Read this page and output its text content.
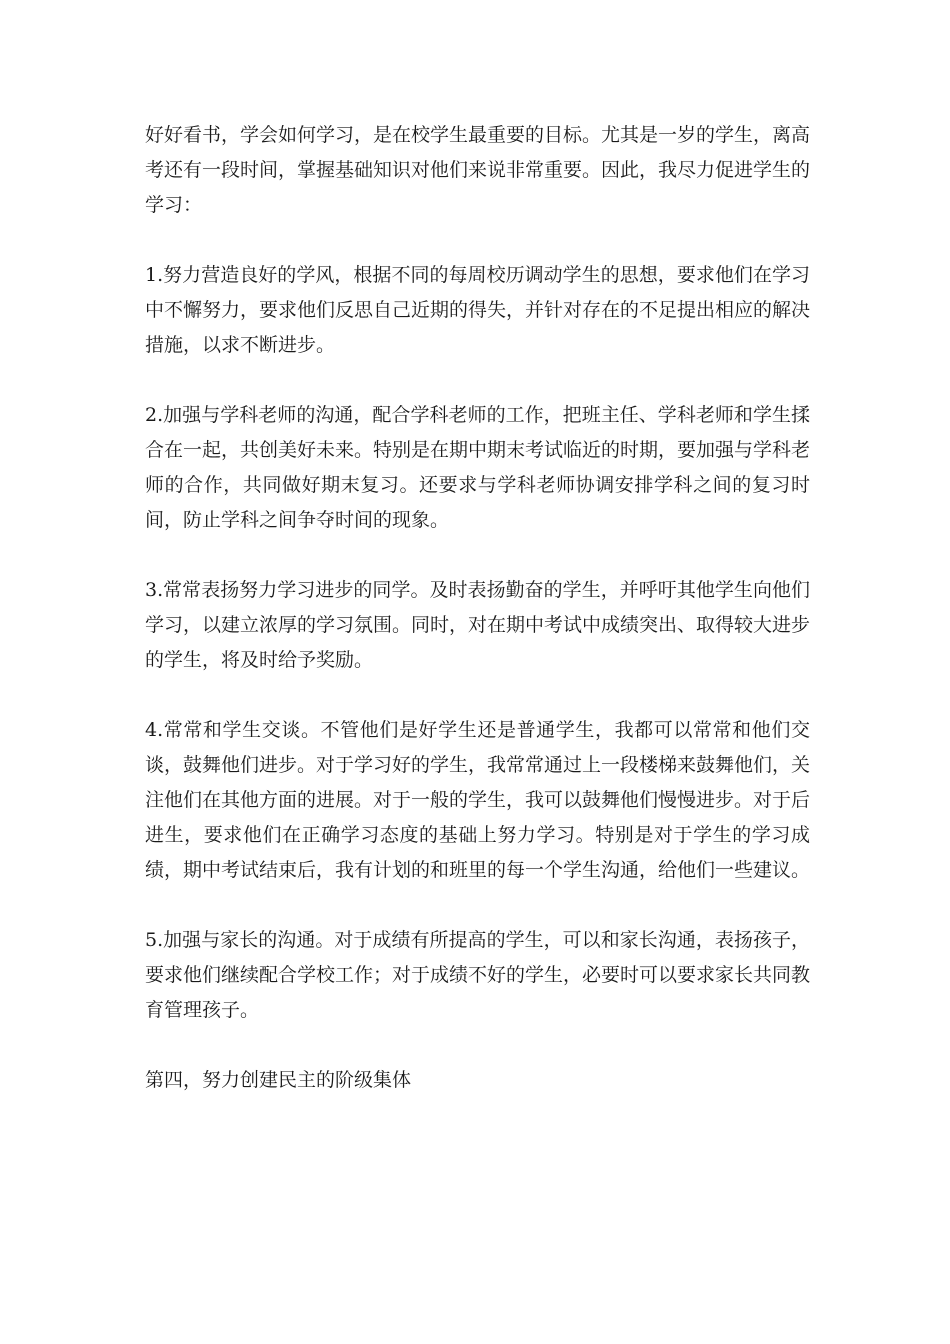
好好看书，学会如何学习，是在校学生最重要的目标。尤其是一岁的学生，离高考还有一段时间，掌握基础知识对他们来说非常重要。因此，我尽力促进学生的学习：

1.努力营造良好的学风，根据不同的每周校历调动学生的思想，要求他们在学习中不懈努力，要求他们反思自己近期的得失，并针对存在的不足提出相应的解决措施，以求不断进步。

2.加强与学科老师的沟通，配合学科老师的工作，把班主任、学科老师和学生揉合在一起，共创美好未来。特别是在期中期末考试临近的时期，要加强与学科老师的合作，共同做好期末复习。还要求与学科老师协调安排学科之间的复习时间，防止学科之间争夺时间的现象。

3.常常表扬努力学习进步的同学。及时表扬勤奋的学生，并呼吁其他学生向他们学习，以建立浓厚的学习氛围。同时，对在期中考试中成绩突出、取得较大进步的学生，将及时给予奖励。

4.常常和学生交谈。不管他们是好学生还是普通学生，我都可以常常和他们交谈，鼓舞他们进步。对于学习好的学生，我常常通过上一段楼梯来鼓舞他们，关注他们在其他方面的进展。对于一般的学生，我可以鼓舞他们慢慢进步。对于后进生，要求他们在正确学习态度的基础上努力学习。特别是对于学生的学习成绩，期中考试结束后，我有计划的和班里的每一个学生沟通，给他们一些建议。

5.加强与家长的沟通。对于成绩有所提高的学生，可以和家长沟通，表扬孩子，要求他们继续配合学校工作；对于成绩不好的学生，必要时可以要求家长共同教育管理孩子。

第四，努力创建民主的阶级集体
